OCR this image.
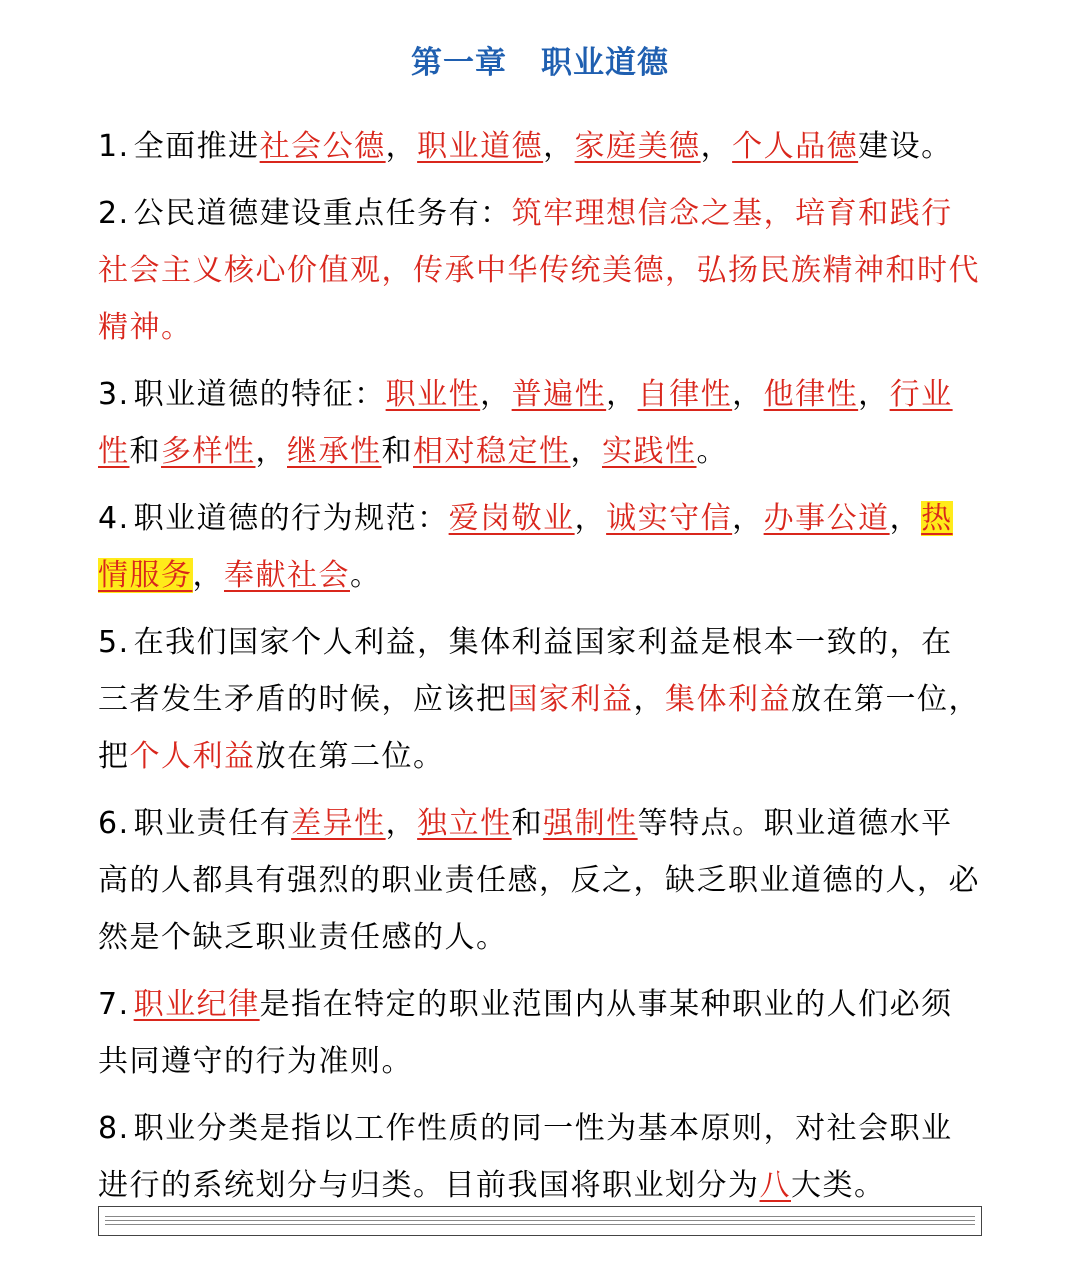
第一章 职业道德
1. 全面推进社会公德，职业道德，家庭美德，个人品德建设。
2. 公民道德建设重点任务有：筑牢理想信念之基，培育和践行社会主义核心价值观，传承中华传统美德，弘扬民族精神和时代精神。
3. 职业道德的特征：职业性，普遍性，自律性，他律性，行业性和多样性，继承性和相对稳定性，实践性。
4. 职业道德的行为规范：爱岗敬业，诚实守信，办事公道，热情服务，奉献社会。
5. 在我们国家个人利益，集体利益国家利益是根本一致的，在三者发生矛盾的时候，应该把国家利益，集体利益放在第一位，把个人利益放在第二位。
6. 职业责任有差异性，独立性和强制性等特点。职业道德水平高的人都具有强烈的职业责任感，反之，缺乏职业道德的人，必然是个缺乏职业责任感的人。
7. 职业纪律是指在特定的职业范围内从事某种职业的人们必须共同遵守的行为准则。
8. 职业分类是指以工作性质的同一性为基本原则，对社会职业进行的系统划分与归类。目前我国将职业划分为八大类。
